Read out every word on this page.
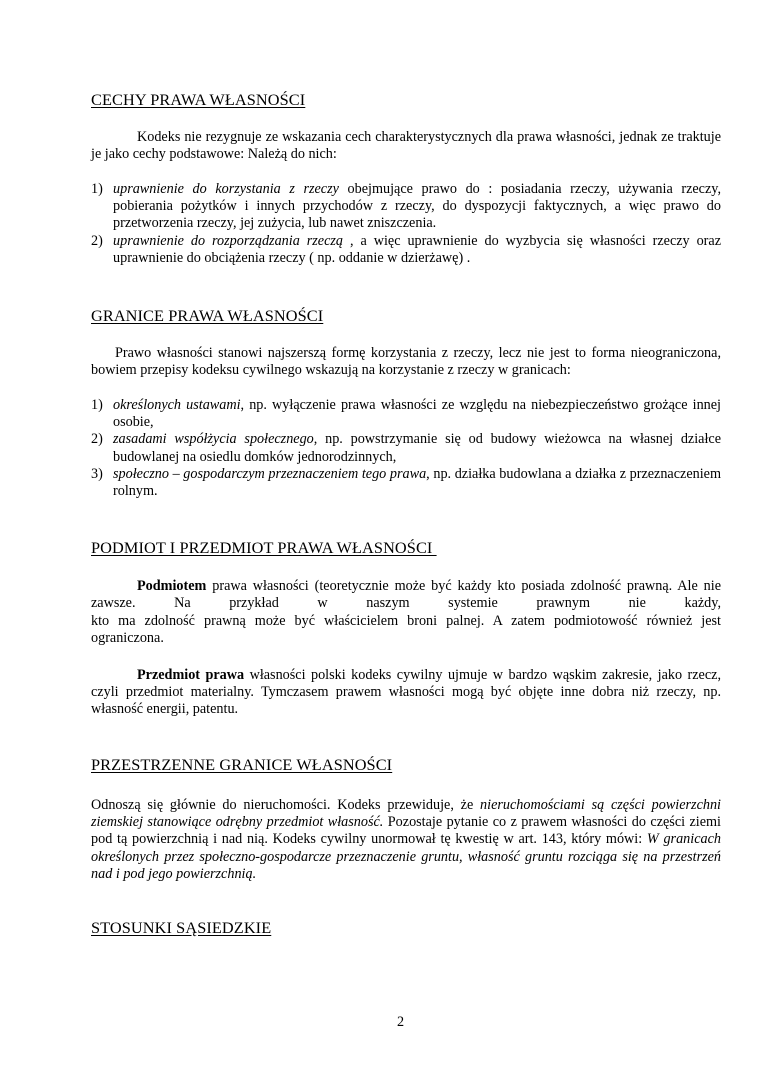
CECHY PRAWA WŁASNOŚCI

Kodeks nie rezygnuje ze wskazania cech charakterystycznych dla prawa własności, jednak ze traktuje je jako cechy podstawowe: Należą do nich:

1) uprawnienie do korzystania z rzeczy obejmujące prawo do : posiadania rzeczy, używania rzeczy, pobierania pożytków i innych przychodów z rzeczy, do dyspozycji faktycznych, a więc prawo do przetworzenia rzeczy, jej zużycia, lub nawet zniszczenia.
2) uprawnienie do rozporządzania rzeczą , a więc uprawnienie do wyzbycia się własności rzeczy oraz uprawnienie do obciążenia rzeczy ( np. oddanie w dzierżawę) .
GRANICE PRAWA WŁASNOŚCI

Prawo własności stanowi najszerszą formę korzystania z rzeczy, lecz nie jest to forma nieograniczona, bowiem przepisy kodeksu cywilnego wskazują na korzystanie z rzeczy w granicach:

1) określonych ustawami, np. wyłączenie prawa własności ze względu na niebezpieczeństwo grożące innej osobie,
2) zasadami współżycia społecznego, np. powstrzymanie się od budowy wieżowca na własnej działce budowlanej na osiedlu domków jednorodzinnych,
3) społeczno – gospodarczym przeznaczeniem tego prawa, np. działka budowlana a działka z przeznaczeniem rolnym.
PODMIOT I PRZEDMIOT PRAWA WŁASNOŚCI

Podmiotem prawa własności (teoretycznie może być każdy kto posiada zdolność prawną. Ale nie zawsze. Na przykład w naszym systemie prawnym nie każdy,

kto ma zdolność prawną może być właścicielem broni palnej. A zatem podmiotowość również jest ograniczona.

Przedmiot prawa własności polski kodeks cywilny ujmuje w bardzo wąskim zakresie, jako rzecz, czyli przedmiot materialny. Tymczasem prawem własności mogą być objęte inne dobra niż rzeczy, np. własność energii, patentu.

PRZESTRZENNE GRANICE WŁASNOŚCI

Odnoszą się głównie do nieruchomości. Kodeks przewiduje, że nieruchomościami są części powierzchni ziemskiej stanowiące odrębny przedmiot własność. Pozostaje pytanie co z prawem własności do części ziemi pod tą powierzchnią i nad nią. Kodeks cywilny unormował tę kwestię w art. 143, który mówi: W granicach określonych przez społeczno-gospodarcze przeznaczenie gruntu, własność gruntu rozciąga się na przestrzeń nad i pod jego powierzchnią.

STOSUNKI SĄSIEDZKIE
2
